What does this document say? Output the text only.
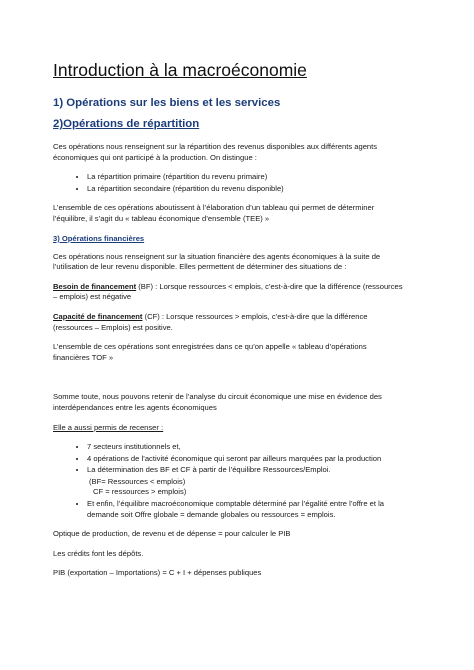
Introduction à la macroéconomie
1) Opérations sur les biens et les services
2)Opérations de répartition

Ces opérations nous renseignent sur la répartition des revenus disponibles aux différents agents économiques qui ont participé à la production. On distingue :

• La répartition primaire (répartition du revenu primaire)
• La répartition secondaire (répartition du revenu disponible)

L’ensemble de ces opérations aboutissent à l’élaboration d’un tableau qui permet de déterminer l’équilibre, il s’agit du « tableau économique d’ensemble (TEE) »

3) Opérations financières

Ces opérations nous renseignent sur la situation financière des agents économiques à la suite de l’utilisation de leur revenu disponible. Elles permettent de déterminer des situations de :

Besoin de financement (BF) : Lorsque ressources < emplois, c’est-à-dire que la différence (ressources – emplois) est négative

Capacité de financement (CF) : Lorsque ressources > emplois, c’est-à-dire que la différence (ressources – Emplois) est positive.

L’ensemble de ces opérations sont enregistrées dans ce qu’on appelle « tableau d’opérations financières TOF »

Somme toute, nous pouvons retenir de l’analyse du circuit économique une mise en évidence des interdépendances entre les agents économiques

Elle a aussi permis de recenser :

• 7 secteurs institutionnels et,
• 4 opérations de l’activité économique qui seront par ailleurs marquées par la production
• La détermination des BF et CF à partir de l’équilibre Ressources/Emploi.

(BF= Ressources < emplois)

CF = ressources > emplois)

• Et enfin, l’équilibre macroéconomique comptable déterminé par l’égalité entre l’offre et la demande soit Offre globale = demande globales ou ressources = emplois.

Optique de production, de revenu et de dépense = pour calculer le PIB

Les crédits font les dépôts.

PIB (exportation – Importations) = C + I + dépenses publiques
